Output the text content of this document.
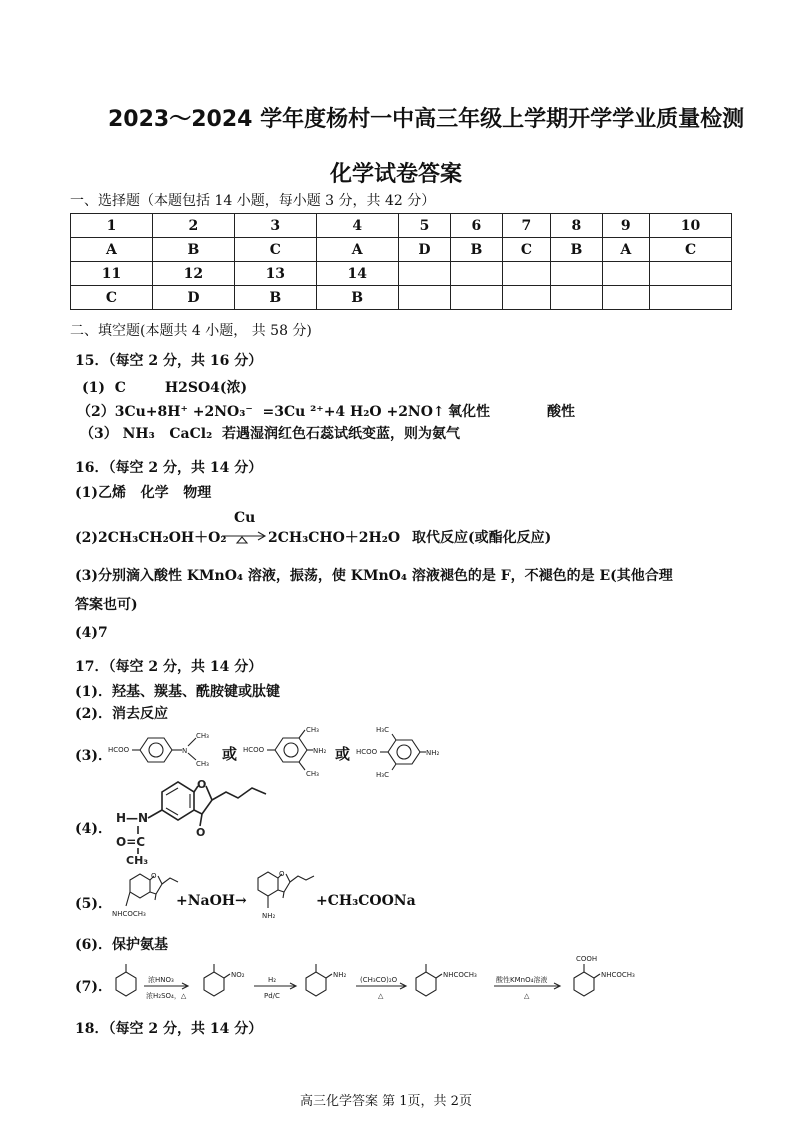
2023～2024 学年度杨村一中高三年级上学期开学学业质量检测
化学试卷答案
一、选择题（本题包括 14 小题，每小题 3 分，共 42 分）
1	2	3	4	5	6	7	8	9	10
A	B	C	A	D	B	C	B	A	C
11	12	13	14						
C	D	B	B						
二、填空题(本题共 4 小题， 共 58 分)
15．（每空 2 分，共 16 分）
(1)  C        H2SO4(浓)
（2）3Cu+8H⁺ +2NO₃⁻  =3Cu ²⁺+4 H₂O +2NO↑ 氧化性	酸性
（3） NH₃   CaCl₂  若遇湿润红色石蕊试纸变蓝，则为氨气
16．（每空 2 分，共 14 分）
(1)乙烯   化学   物理
(2)2CH₃CH₂OH＋O₂
Cu
2CH₃CHO＋2H₂O 取代反应(或酯化反应)
(3)分别滴入酸性 KMnO₄ 溶液，振荡，使 KMnO₄ 溶液褪色的是 F，不褪色的是 E(其他合理
答案也可)
(4)7
17．（每空 2 分，共 14 分）
(1)．羟基、羰基、酰胺键或肽键
(2)．消去反应
(3)．
HCOO	N
CH₃
CH₃
或 HCOO
CH₃
NH₂
CH₃
或
H₃C
HCOO	NH₂
H₃C
(4)．
O
O
H—N
O=C
CH₃
(5)．
O
NHCOCH₃
+NaOH→
O
NH₂
+CH₃COONa
(6)．保护氨基
(7)．	浓HNO₃
浓H₂SO₄，△
NO₂
H₂
Pd/C
NH₂
(CH₃CO)₂O
△
NHCOCH₃
酸性KMnO₄溶液
△
COOH
NHCOCH₃
18．（每空 2 分，共 14 分）
高三化学答案 第 1页，共 2页
